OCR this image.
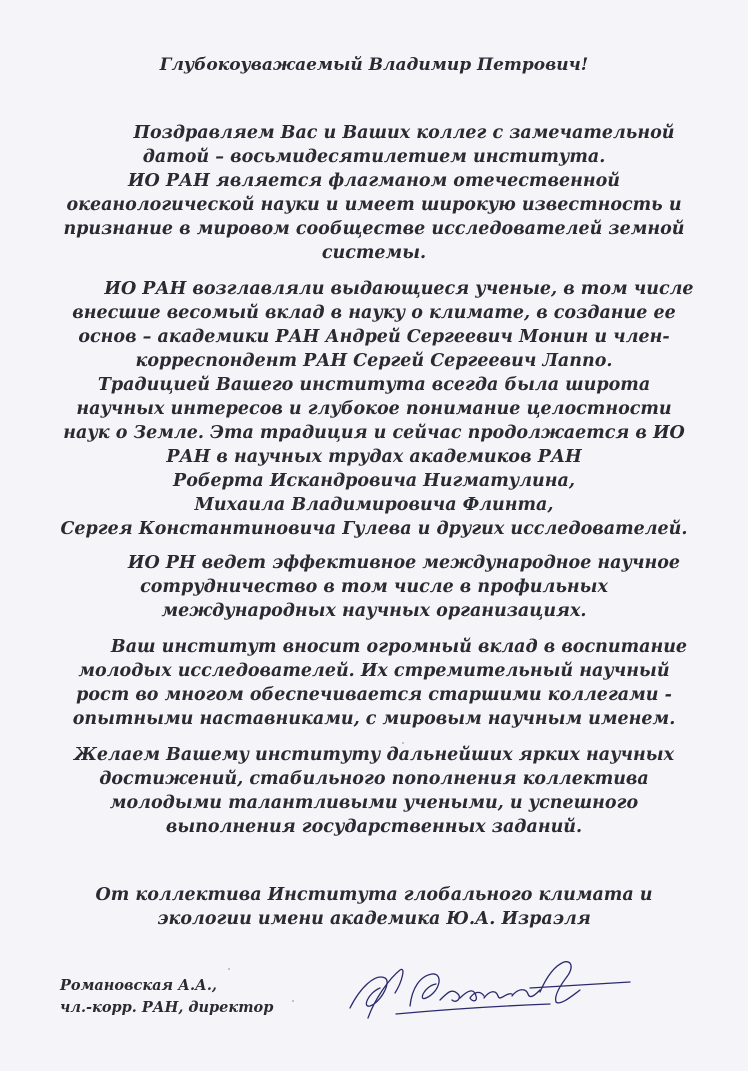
Глубокоуважаемый Владимир Петрович!

Поздравляем Вас и Ваших коллег с замечательной

датой – восьмидесятилетием института.

ИО РАН является флагманом отечественной

океанологической науки и имеет широкую известность и

признание в мировом сообществе исследователей земной

системы.

ИО РАН возглавляли выдающиеся ученые, в том числе

внесшие весомый вклад в науку о климате, в создание ее

основ – академики РАН Андрей Сергеевич Монин и член-

корреспондент РАН Сергей Сергеевич Лаппо.

Традицией Вашего института всегда была широта

научных интересов и глубокое понимание целостности

наук о Земле. Эта традиция и сейчас продолжается в ИО

РАН в научных трудах академиков РАН

Роберта Искандровича Нигматулина,

Михаила Владимировича Флинта,

Сергея Константиновича Гулева и других исследователей.

ИО РН ведет эффективное международное научное

сотрудничество в том числе в профильных

международных научных организациях.

Ваш институт вносит огромный вклад в воспитание

молодых исследователей. Их стремительный научный

рост во многом обеспечивается старшими коллегами -

опытными наставниками, с мировым научным именем.

Желаем Вашему институту дальнейших ярких научных

достижений, стабильного пополнения коллектива

молодыми талантливыми учеными, и успешного

выполнения государственных заданий.

От коллектива Института глобального климата и

экологии имени академика Ю.А. Израэля

Романовская А.А.,
чл.-корр. РАН, директор
